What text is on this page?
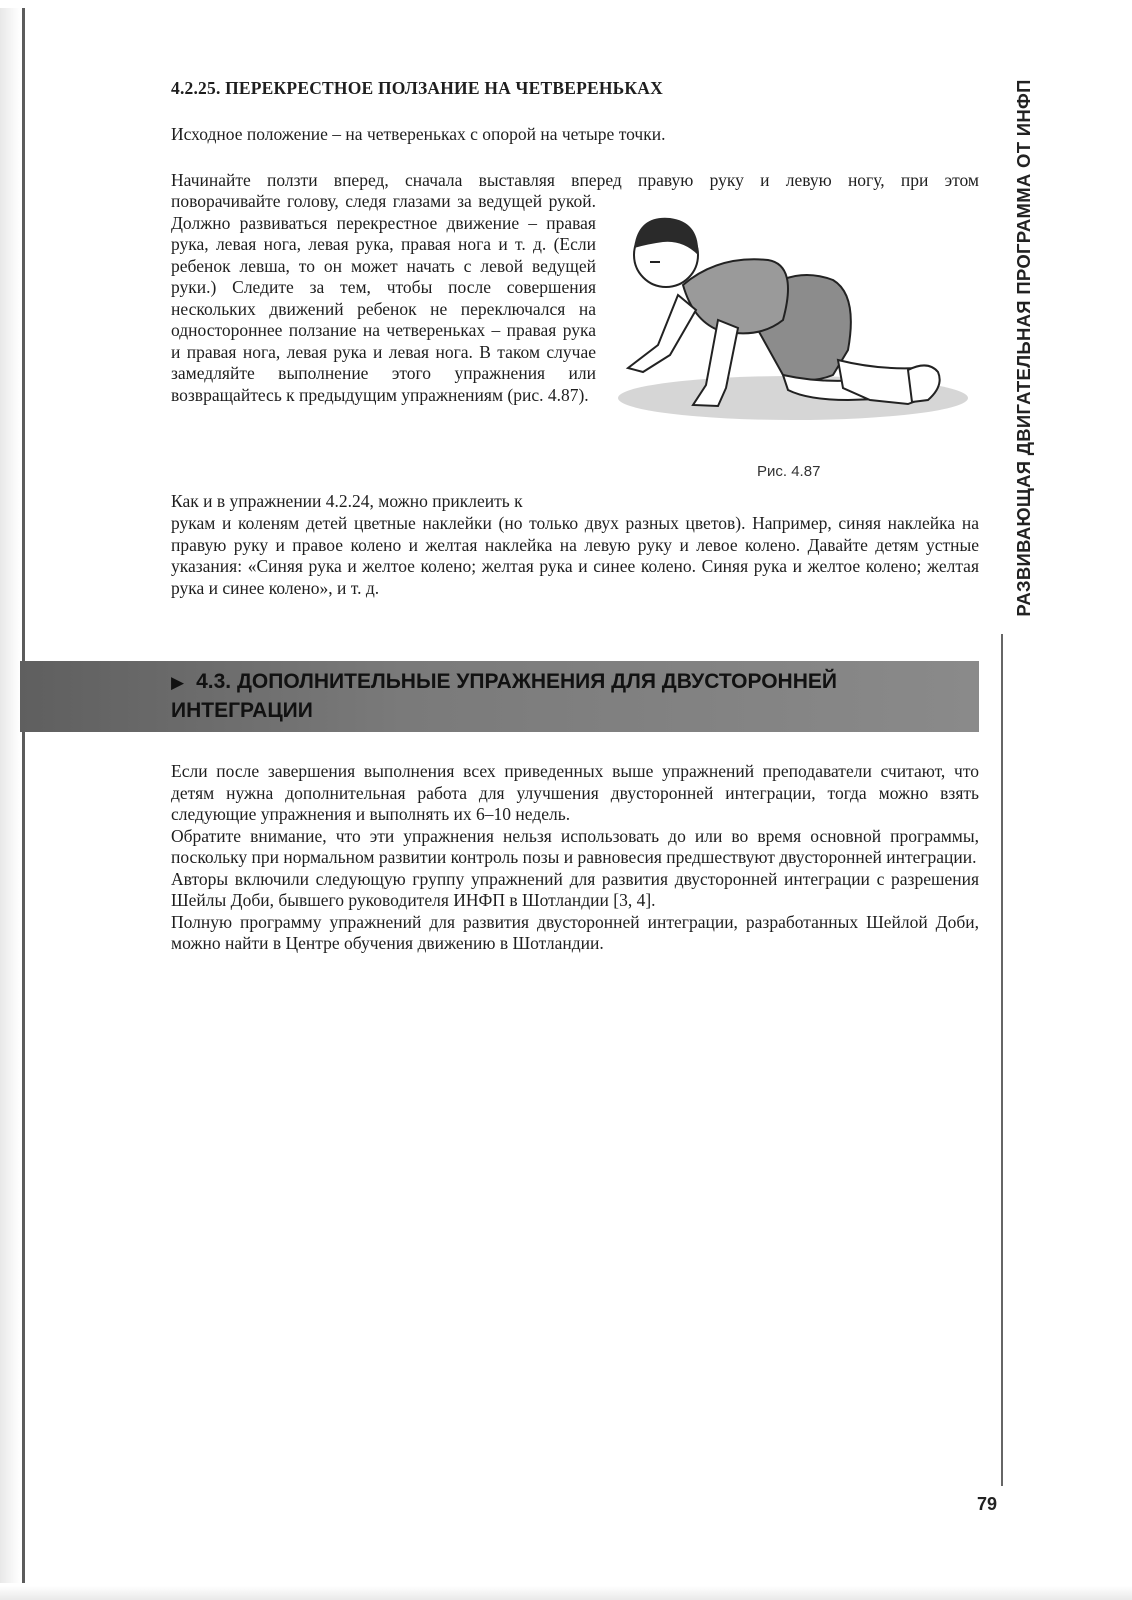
4.2.25. ПЕРЕКРЕСТНОЕ ПОЛЗАНИЕ НА ЧЕТВЕРЕНЬКАХ

Исходное положение – на четвереньках с опорой на четыре точки.

Начинайте ползти вперед, сначала выставляя вперед правую руку и левую ногу, при этом

поворачивайте голову, следя глазами за ведущей рукой. Должно развиваться перекрестное движение – правая рука, левая нога, левая рука, правая нога и т. д. (Если ребенок левша, то он может начать с левой ведущей руки.) Следите за тем, чтобы после совершения нескольких движений ребенок не переключался на одностороннее ползание на четвереньках – правая рука и правая нога, левая рука и левая нога. В таком случае замедляйте выполнение этого упражнения или возвращайтесь к предыдущим упражнениям (рис. 4.87).

Рис. 4.87

Как и в упражнении 4.2.24, можно приклеить к

рукам и коленям детей цветные наклейки (но только двух разных цветов). Например, синяя наклейка на правую руку и правое колено и желтая наклейка на левую руку и левое колено. Давайте детям устные указания: «Синяя рука и желтое колено; желтая рука и синее колено. Синяя рука и желтое колено; желтая рука и синее колено», и т. д.

▶ 4.3. ДОПОЛНИТЕЛЬНЫЕ УПРАЖНЕНИЯ ДЛЯ ДВУСТОРОННЕЙ ИНТЕГРАЦИИ

Если после завершения выполнения всех приведенных выше упражнений преподаватели считают, что детям нужна дополнительная работа для улучшения двусторонней интеграции, тогда можно взять следующие упражнения и выполнять их 6–10 недель.

Обратите внимание, что эти упражнения нельзя использовать до или во время основной программы, поскольку при нормальном развитии контроль позы и равновесия предшествуют двусторонней интеграции.

Авторы включили следующую группу упражнений для развития двусторонней интеграции с разрешения Шейлы Доби, бывшего руководителя ИНФП в Шотландии [3, 4].

Полную программу упражнений для развития двусторонней интеграции, разработанных Шейлой Доби, можно найти в Центре обучения движению в Шотландии.

РАЗВИВАЮЩАЯ ДВИГАТЕЛЬНАЯ ПРОГРАММА ОТ ИНФП
79
